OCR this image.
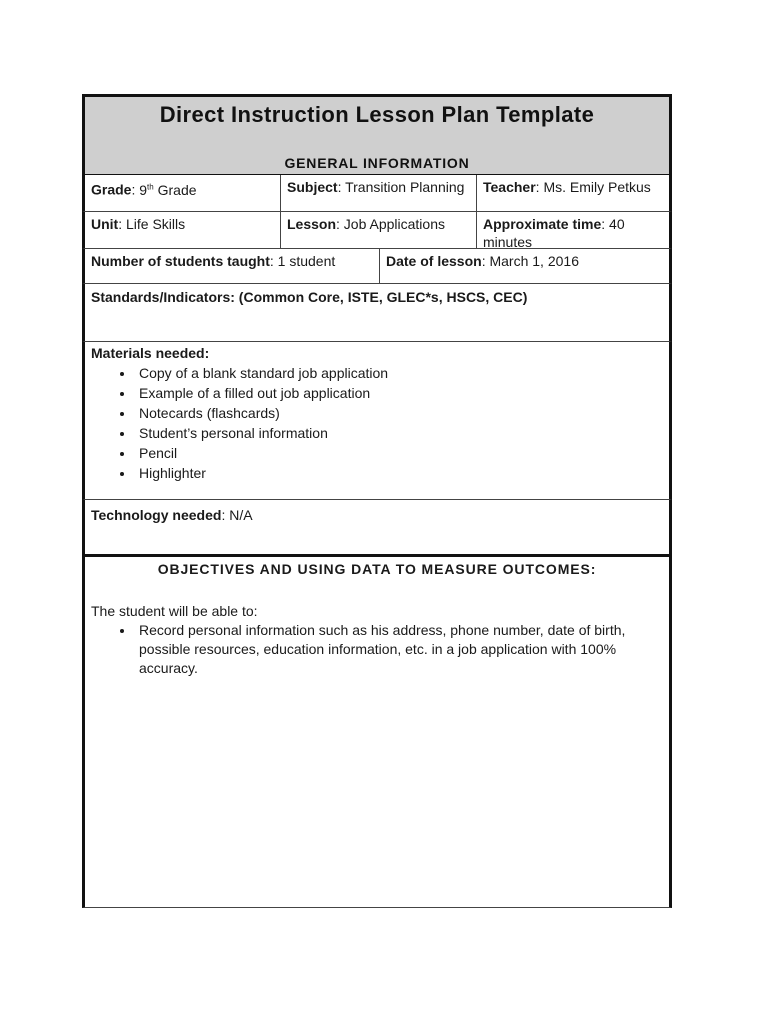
Direct Instruction Lesson Plan Template
GENERAL INFORMATION
Grade: 9th Grade	Subject: Transition Planning	Teacher: Ms. Emily Petkus
Unit: Life Skills	Lesson: Job Applications	Approximate time: 40 minutes
Number of students taught: 1 student	Date of lesson: March 1, 2016
Standards/Indicators: (Common Core, ISTE, GLEC*s, HSCS, CEC)
Materials needed:
• Copy of a blank standard job application
• Example of a filled out job application
• Notecards (flashcards)
• Student’s personal information
• Pencil
• Highlighter
Technology needed: N/A
OBJECTIVES AND USING DATA TO MEASURE OUTCOMES:
The student will be able to:
• Record personal information such as his address, phone number, date of birth, possible resources, education information, etc. in a job application with 100% accuracy.
